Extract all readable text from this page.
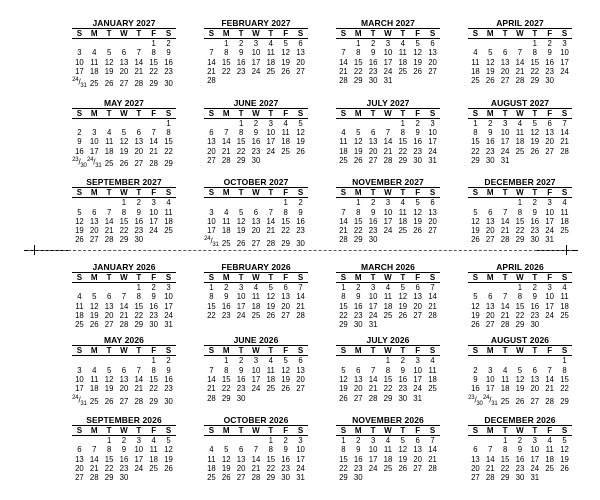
JANUARY 2027
S	M	T	W	T	F	S
					1	2
3	4	5	6	7	8	9
10	11	12	13	14	15	16
17	18	19	20	21	22	23
$^{24}/_{31}$	25	26	27	28	29	30
FEBRUARY 2027
S	M	T	W	T	F	S
	1	2	3	4	5	6
7	8	9	10	11	12	13
14	15	16	17	18	19	20
21	22	23	24	25	26	27
28						
MARCH 2027
S	M	T	W	T	F	S
	1	2	3	4	5	6
7	8	9	10	11	12	13
14	15	16	17	18	19	20
21	22	23	24	25	26	27
28	29	30	31			
APRIL 2027
S	M	T	W	T	F	S
				1	2	3
4	5	6	7	8	9	10
11	12	13	14	15	16	17
18	19	20	21	22	23	24
25	26	27	28	29	30	
MAY 2027
S	M	T	W	T	F	S
						1
2	3	4	5	6	7	8
9	10	11	12	13	14	15
16	17	18	19	20	21	22
$^{23}/_{30}$	$^{24}/_{31}$	25	26	27	28	29
JUNE 2027
S	M	T	W	T	F	S
		1	2	3	4	5
6	7	8	9	10	11	12
13	14	15	16	17	18	19
20	21	22	23	24	25	26
27	28	29	30			
JULY 2027
S	M	T	W	T	F	S
				1	2	3
4	5	6	7	8	9	10
11	12	13	14	15	16	17
18	19	20	21	22	23	24
25	26	27	28	29	30	31
AUGUST 2027
S	M	T	W	T	F	S
1	2	3	4	5	6	7
8	9	10	11	12	13	14
15	16	17	18	19	20	21
22	23	24	25	26	27	28
29	30	31				
SEPTEMBER 2027
S	M	T	W	T	F	S
			1	2	3	4
5	6	7	8	9	10	11
12	13	14	15	16	17	18
19	20	21	22	23	24	25
26	27	28	29	30		
OCTOBER 2027
S	M	T	W	T	F	S
					1	2
3	4	5	6	7	8	9
10	11	12	13	14	15	16
17	18	19	20	21	22	23
$^{24}/_{31}$	25	26	27	28	29	30
NOVEMBER 2027
S	M	T	W	T	F	S
	1	2	3	4	5	6
7	8	9	10	11	12	13
14	15	16	17	18	19	20
21	22	23	24	25	26	27
28	29	30				
DECEMBER 2027
S	M	T	W	T	F	S
			1	2	3	4
5	6	7	8	9	10	11
12	13	14	15	16	17	18
19	20	21	22	23	24	25
26	27	28	29	30	31	
JANUARY 2026
S	M	T	W	T	F	S
				1	2	3
4	5	6	7	8	9	10
11	12	13	14	15	16	17
18	19	20	21	22	23	24
25	26	27	28	29	30	31
FEBRUARY 2026
S	M	T	W	T	F	S
1	2	3	4	5	6	7
8	9	10	11	12	13	14
15	16	17	18	19	20	21
22	23	24	25	26	27	28

MARCH 2026
S	M	T	W	T	F	S
1	2	3	4	5	6	7
8	9	10	11	12	13	14
15	16	17	18	19	20	21
22	23	24	25	26	27	28
29	30	31				
APRIL 2026
S	M	T	W	T	F	S
			1	2	3	4
5	6	7	8	9	10	11
12	13	14	15	16	17	18
19	20	21	22	23	24	25
26	27	28	29	30		
MAY 2026
S	M	T	W	T	F	S
					1	2
3	4	5	6	7	8	9
10	11	12	13	14	15	16
17	18	19	20	21	22	23
$^{24}/_{31}$	25	26	27	28	29	30
JUNE 2026
S	M	T	W	T	F	S
	1	2	3	4	5	6
7	8	9	10	11	12	13
14	15	16	17	18	19	20
21	22	23	24	25	26	27
28	29	30				
JULY 2026
S	M	T	W	T	F	S
			1	2	3	4
5	6	7	8	9	10	11
12	13	14	15	16	17	18
19	20	21	22	23	24	25
26	27	28	29	30	31	
AUGUST 2026
S	M	T	W	T	F	S
						1
2	3	4	5	6	7	8
9	10	11	12	13	14	15
16	17	18	19	20	21	22
$^{23}/_{30}$	$^{24}/_{31}$	25	26	27	28	29
SEPTEMBER 2026
S	M	T	W	T	F	S
		1	2	3	4	5
6	7	8	9	10	11	12
13	14	15	16	17	18	19
20	21	22	23	24	25	26
27	28	29	30			
OCTOBER 2026
S	M	T	W	T	F	S
				1	2	3
4	5	6	7	8	9	10
11	12	13	14	15	16	17
18	19	20	21	22	23	24
25	26	27	28	29	30	31
NOVEMBER 2026
S	M	T	W	T	F	S
1	2	3	4	5	6	7
8	9	10	11	12	13	14
15	16	17	18	19	20	21
22	23	24	25	26	27	28
29	30					
DECEMBER 2026
S	M	T	W	T	F	S
		1	2	3	4	5
6	7	8	9	10	11	12
13	14	15	16	17	18	19
20	21	22	23	24	25	26
27	28	29	30	31		
